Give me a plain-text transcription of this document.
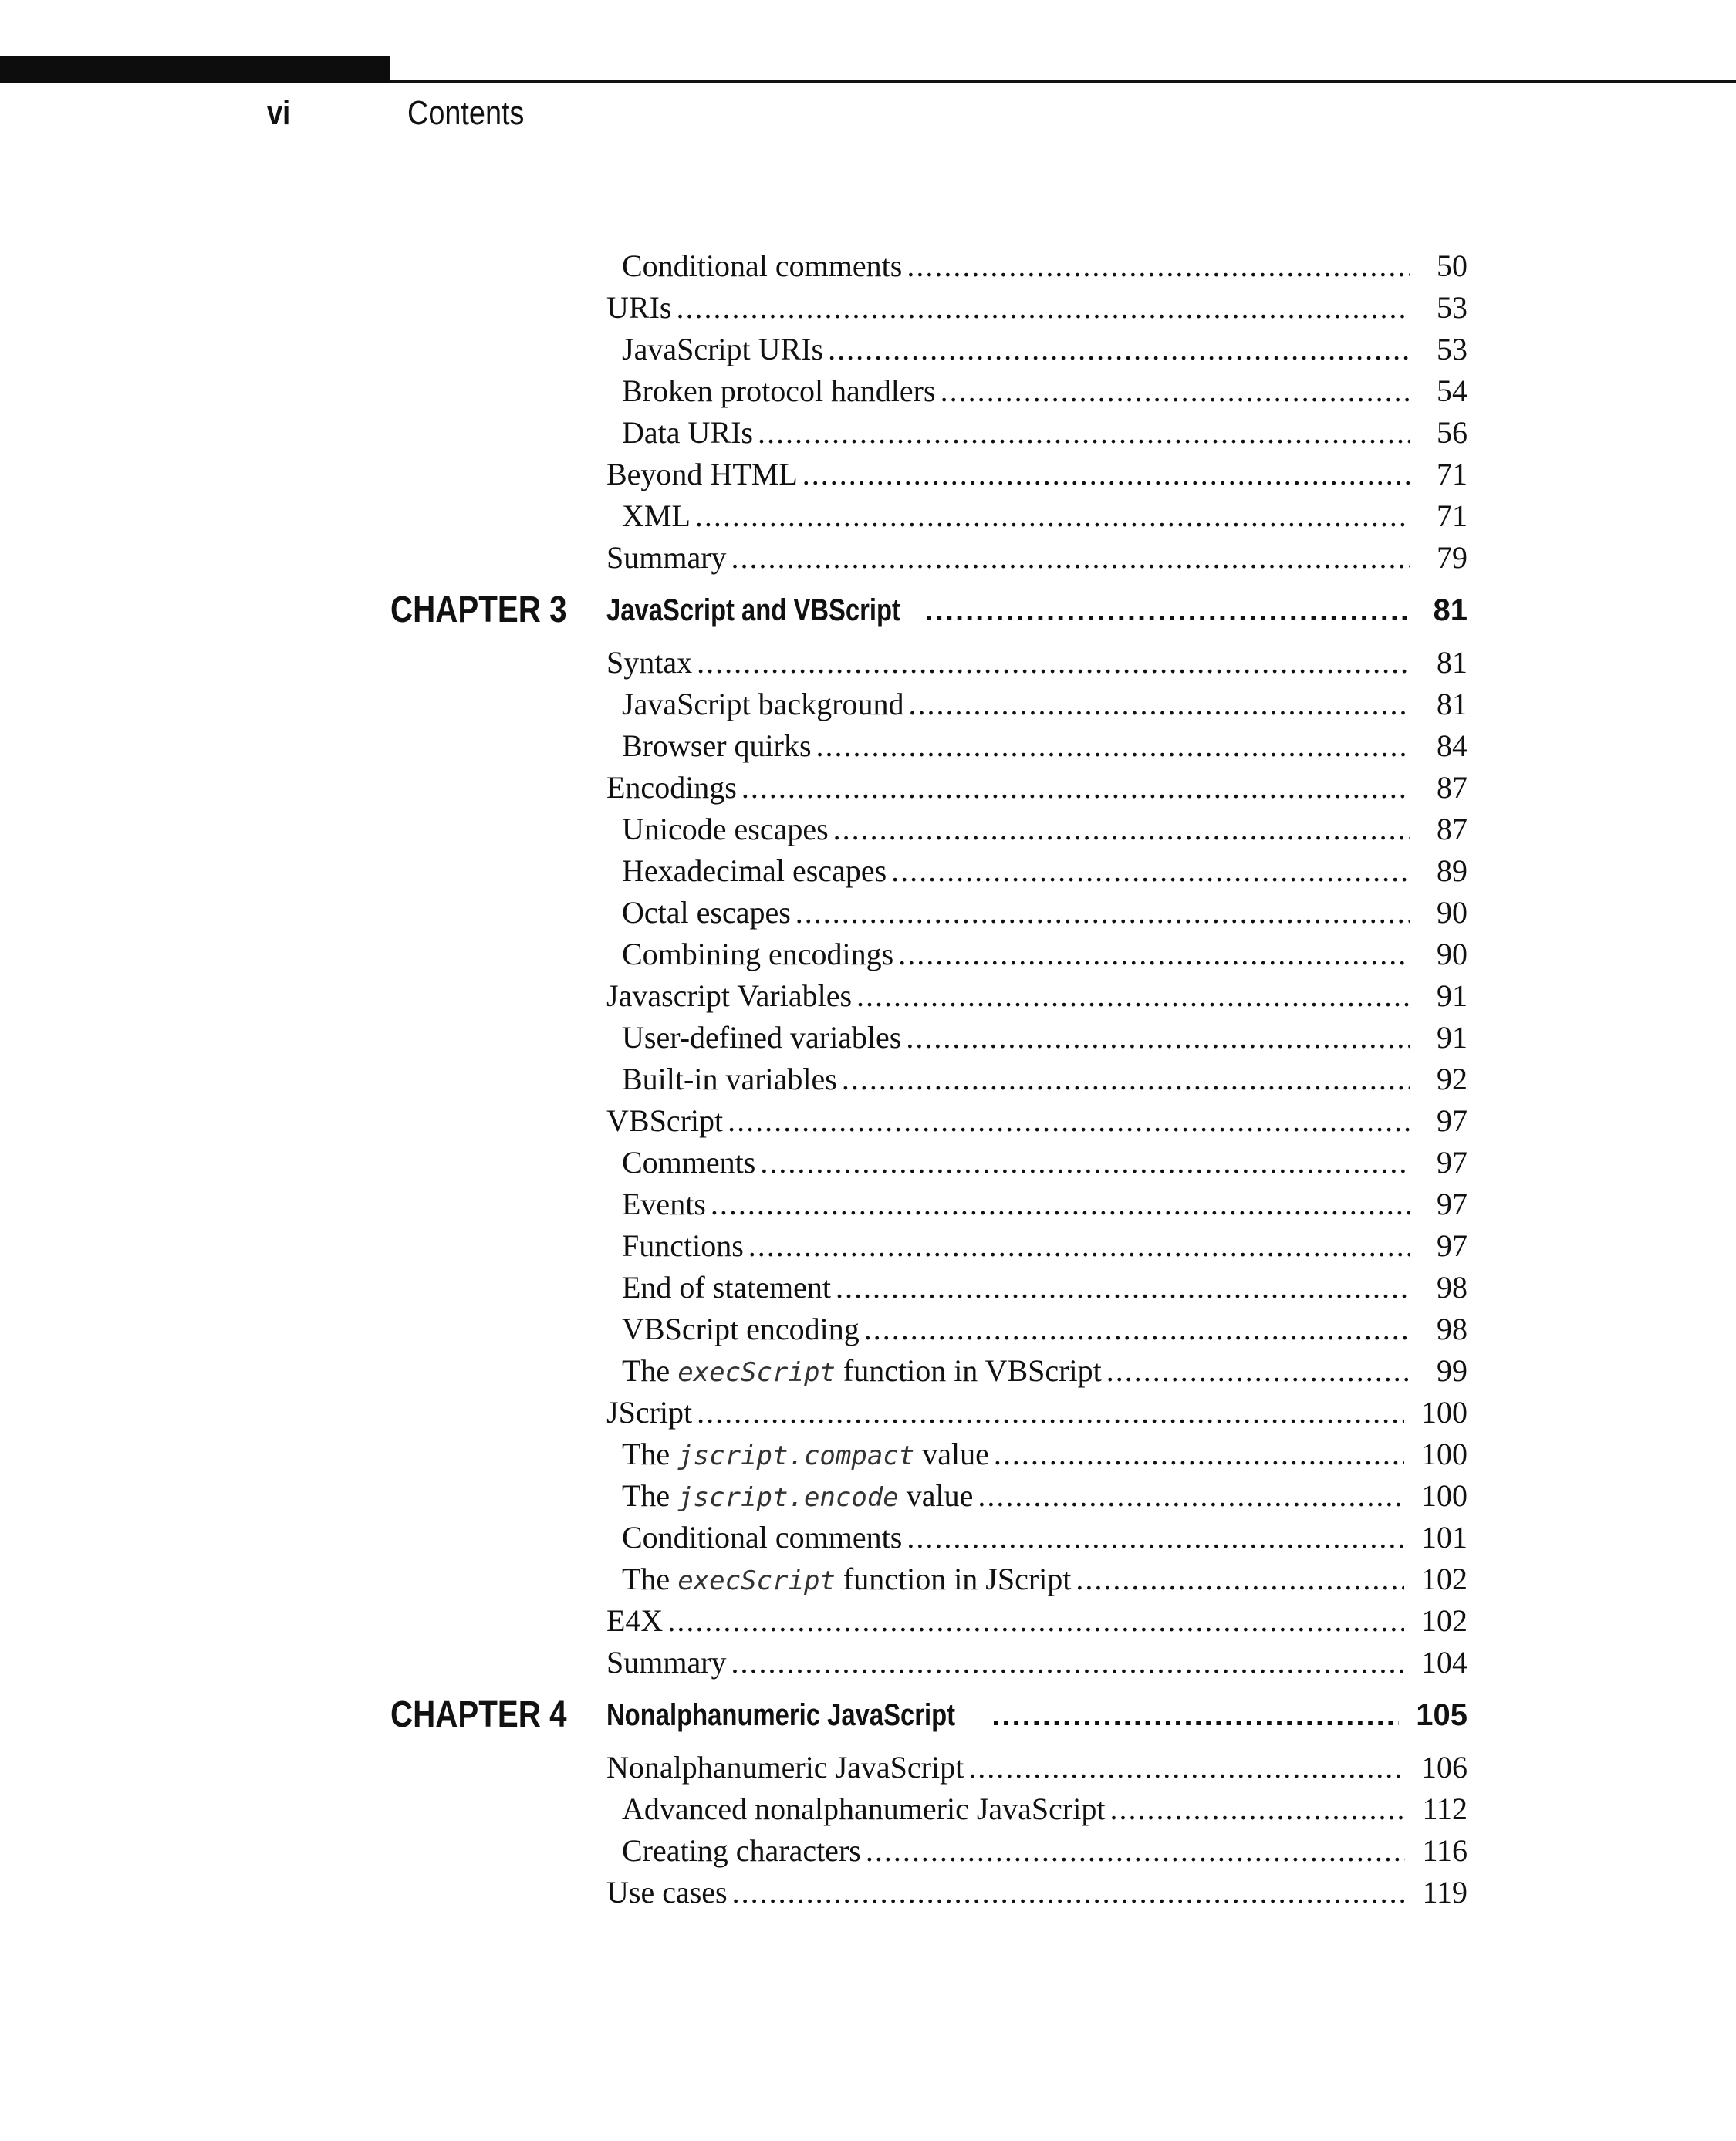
vi	Contents
Conditional comments .....	50
URIs .....	53
JavaScript URIs .....	53
Broken protocol handlers .....	54
Data URIs .....	56
Beyond HTML .....	71
XML .....	71
Summary .....	79
CHAPTER 3 JavaScript and VBScript .....	81
Syntax .....	81
JavaScript background .....	81
Browser quirks .....	84
Encodings .....	87
Unicode escapes .....	87
Hexadecimal escapes .....	89
Octal escapes .....	90
Combining encodings .....	90
Javascript Variables .....	91
User-defined variables .....	91
Built-in variables .....	92
VBScript .....	97
Comments .....	97
Events .....	97
Functions .....	97
End of statement .....	98
VBScript encoding .....	98
The execScript function in VBScript .....	99
JScript .....	100
The jscript.compact value .....	100
The jscript.encode value .....	100
Conditional comments .....	101
The execScript function in JScript .....	102
E4X .....	102
Summary .....	104
CHAPTER 4 Nonalphanumeric JavaScript .....	105
Nonalphanumeric JavaScript .....	106
Advanced nonalphanumeric JavaScript .....	112
Creating characters .....	116
Use cases .....	119
